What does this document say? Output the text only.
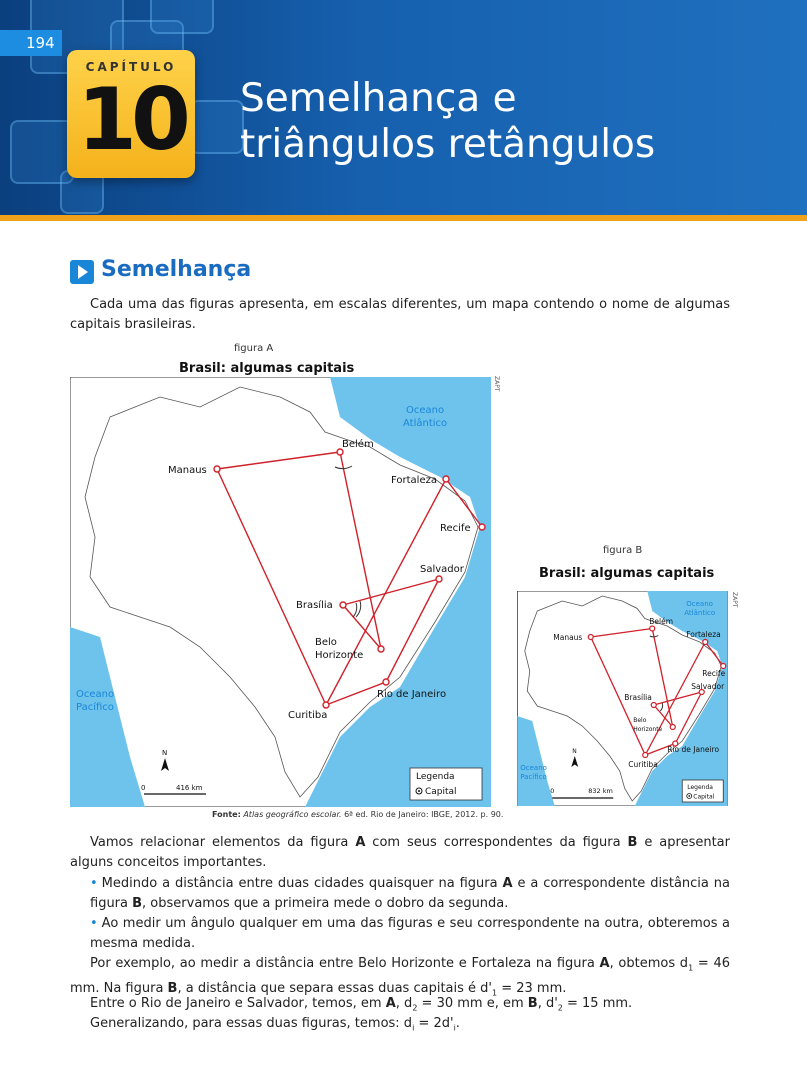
194
CAPÍTULO
10 Semelhança e
triângulos retângulos
Semelhança
Cada uma das figuras apresenta, em escalas diferentes, um mapa contendo o nome de algumas capitais brasileiras.
figura A
Brasil: algumas capitais
ZAPT
Oceano
Atlântico
Oceano
Pacífico
Manaus
Belém
Fortaleza
Recife
Salvador
Brasília
Belo
Horizonte
Rio de Janeiro
Curitiba
N
0	416 km
Legenda
Capital
figura B
Brasil: algumas capitais
ZAPT
Oceano
Atlântico
Oceano
Pacífico
Manaus
Belém
Fortaleza
Recife
Salvador
Brasília
Belo
Horizonte
Rio de Janeiro
Curitiba
N
0	832 km	Legenda
Capital
Fonte: Atlas geográfico escolar. 6ª ed. Rio de Janeiro: IBGE, 2012. p. 90.
Vamos relacionar elementos da figura A com seus correspondentes da figura B e apresentar alguns conceitos importantes.
• Medindo a distância entre duas cidades quaisquer na figura A e a correspondente distância na figura B, observamos que a primeira mede o dobro da segunda.
• Ao medir um ângulo qualquer em uma das figuras e seu correspondente na outra, obteremos a mesma medida.
Por exemplo, ao medir a distância entre Belo Horizonte e Fortaleza na figura A, obtemos $d_1 = 46$ mm. Na figura B, a distância que separa essas duas capitais é $d'_1 = 23$ mm.
Entre o Rio de Janeiro e Salvador, temos, em A, $d_2 = 30$ mm e, em B, $d'_2 = 15$ mm.
Generalizando, para essas duas figuras, temos: $d_i = 2d'_i$.
